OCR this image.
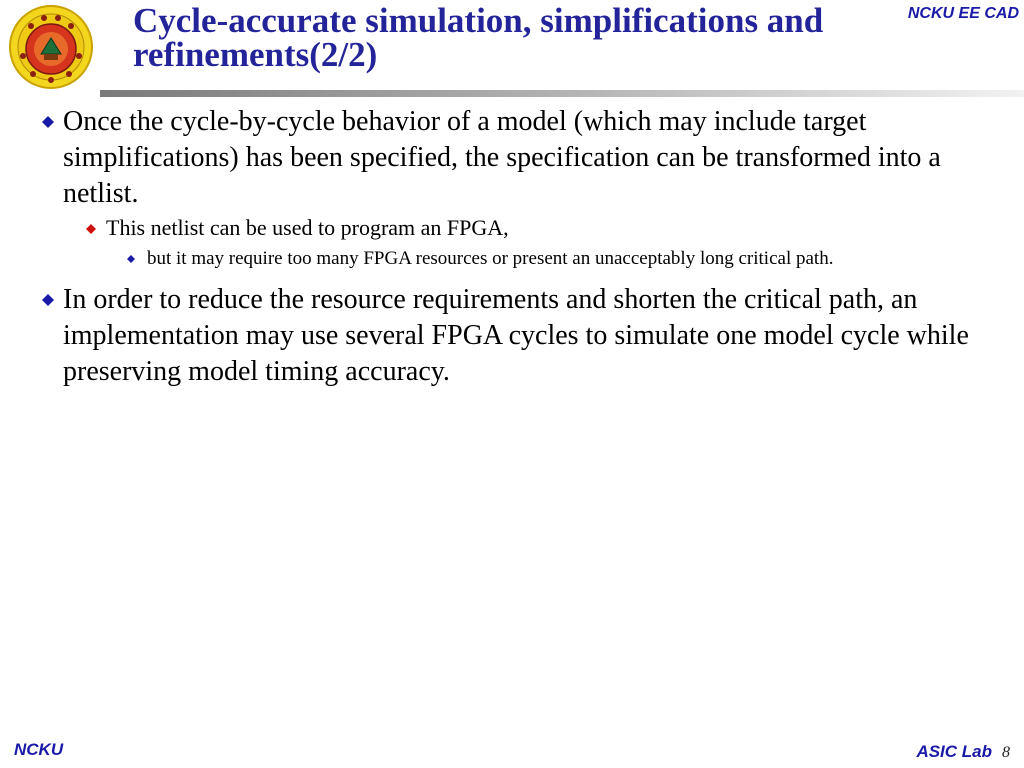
Cycle-accurate simulation, simplifications and
refinements(2/2)
NCKU EE CAD
Once the cycle-by-cycle behavior of a model (which may include target simplifications) has been specified, the specification can be transformed into a netlist.
This netlist can be used to program an FPGA,
but it may require too many FPGA resources or present an unacceptably long critical path.
In order to reduce the resource requirements and shorten the critical path, an implementation may use several FPGA cycles to simulate one model cycle while preserving model timing accuracy.
NCKU	ASIC Lab 8
